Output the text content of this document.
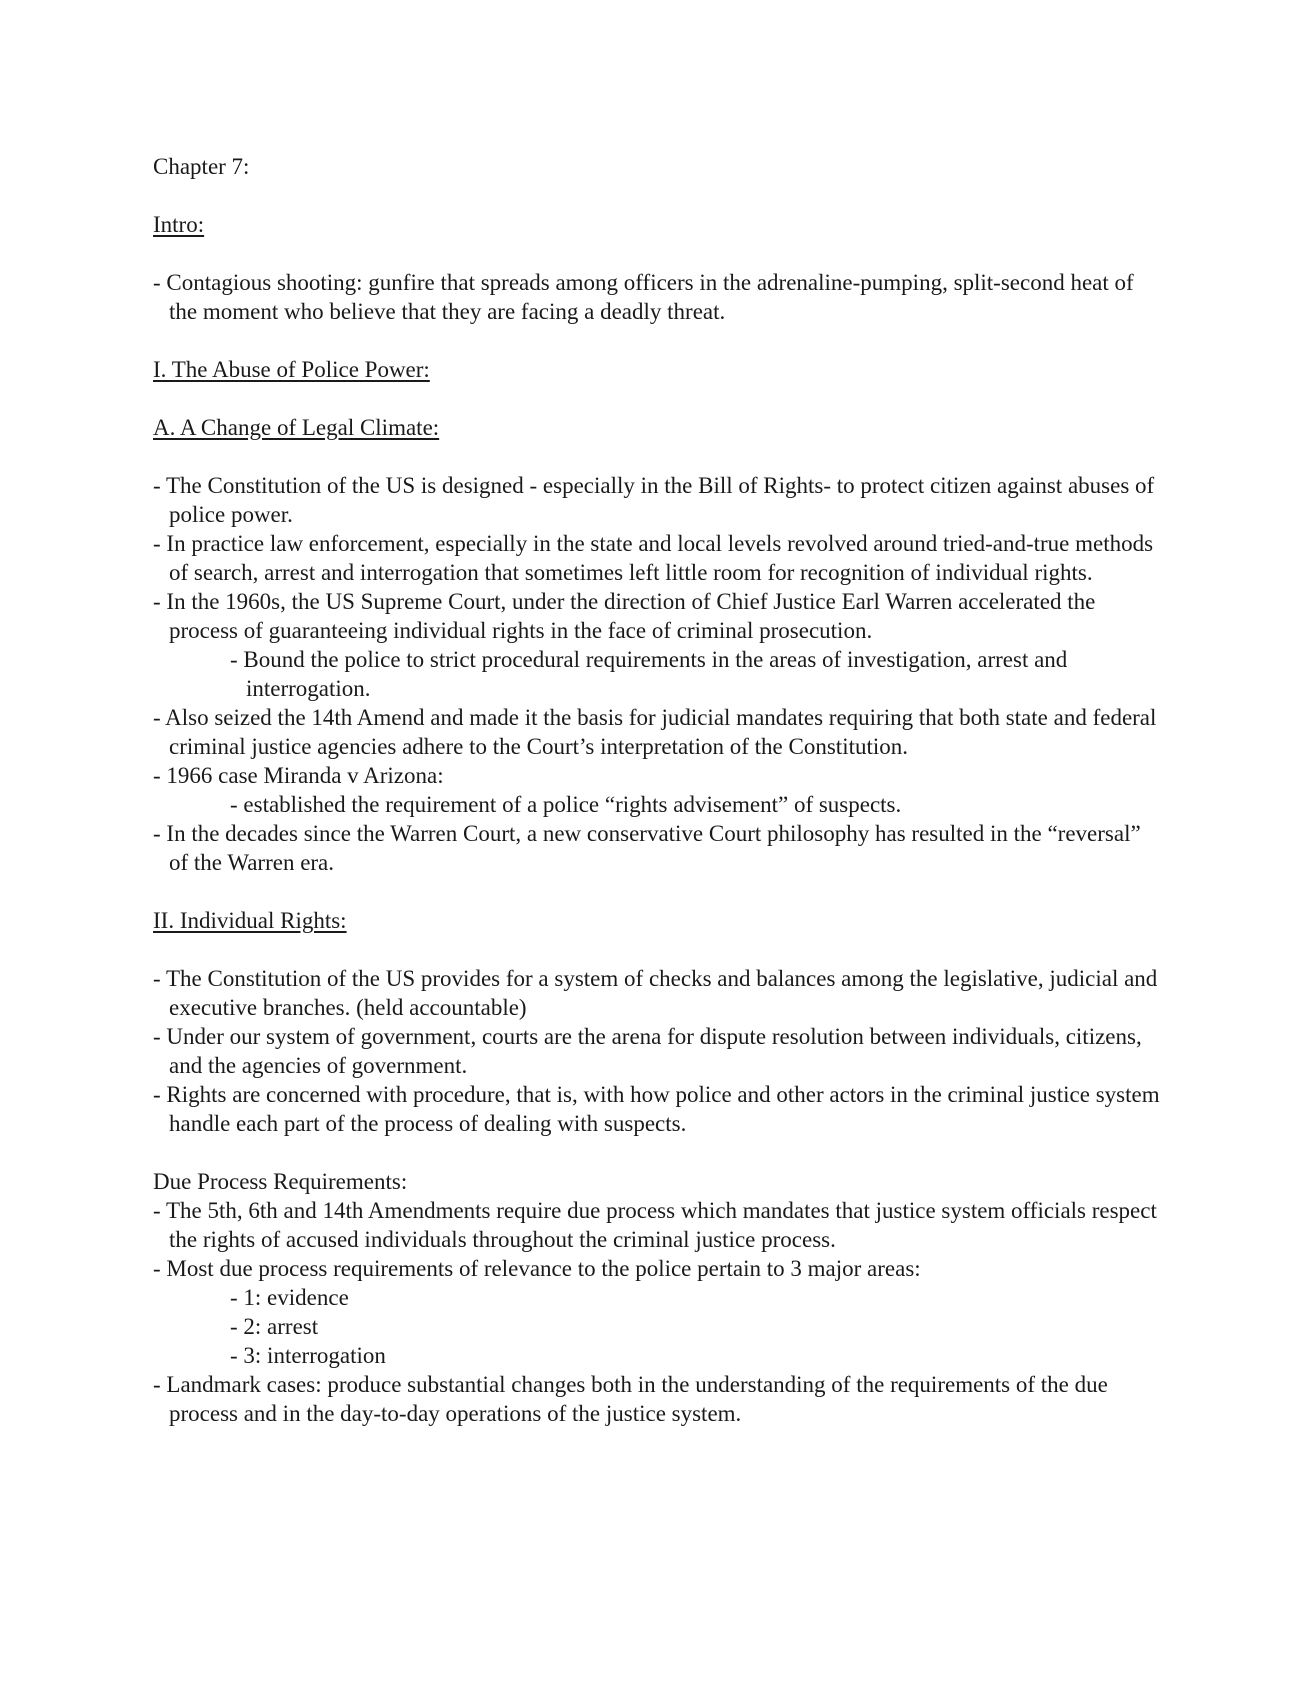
Chapter 7:

Intro:

- Contagious shooting: gunfire that spreads among officers in the adrenaline-pumping, split-second heat of the moment who believe that they are facing a deadly threat.

I. The Abuse of Police Power:

A. A Change of Legal Climate:

- The Constitution of the US is designed - especially in the Bill of Rights- to protect citizen against abuses of police power.

- In practice law enforcement, especially in the state and local levels revolved around tried-and-true methods of search, arrest and interrogation that sometimes left little room for recognition of individual rights.

- In the 1960s, the US Supreme Court, under the direction of Chief Justice Earl Warren accelerated the process of guaranteeing individual rights in the face of criminal prosecution.

- Bound the police to strict procedural requirements in the areas of investigation, arrest and interrogation.

- Also seized the 14th Amend and made it the basis for judicial mandates requiring that both state and federal criminal justice agencies adhere to the Court’s interpretation of the Constitution.

- 1966 case Miranda v Arizona:

- established the requirement of a police “rights advisement” of suspects.

- In the decades since the Warren Court, a new conservative Court philosophy has resulted in the “reversal” of the Warren era.

II. Individual Rights:

- The Constitution of the US provides for a system of checks and balances among the legislative, judicial and executive branches. (held accountable)

- Under our system of government, courts are the arena for dispute resolution between individuals, citizens, and the agencies of government.

- Rights are concerned with procedure, that is, with how police and other actors in the criminal justice system handle each part of the process of dealing with suspects.

Due Process Requirements:

- The 5th, 6th and 14th Amendments require due process which mandates that justice system officials respect the rights of accused individuals throughout the criminal justice process.

- Most due process requirements of relevance to the police pertain to 3 major areas:

- 1: evidence

- 2: arrest

- 3: interrogation

- Landmark cases: produce substantial changes both in the understanding of the requirements of the due process and in the day-to-day operations of the justice system.
